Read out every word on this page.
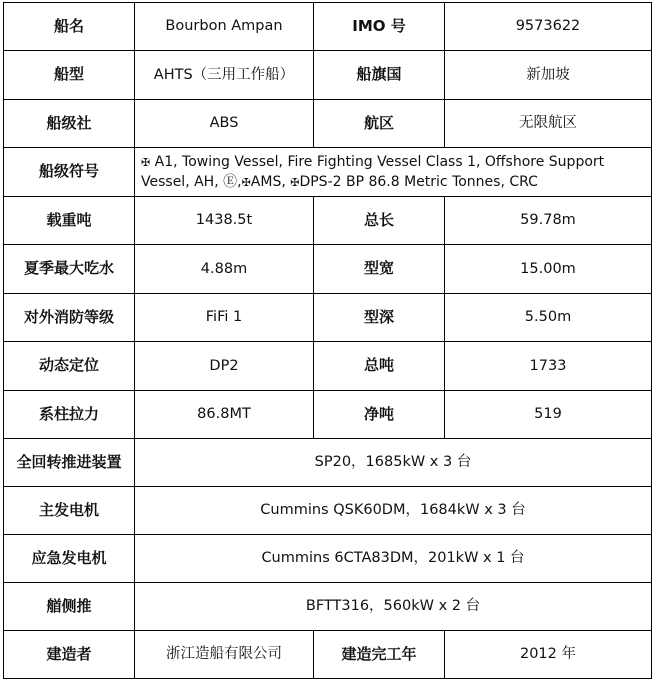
船名	Bourbon Ampan	IMO 号	9573622
船型	AHTS（三用工作船）	船旗国	新加坡
船级社	ABS	航区	无限航区
船级符号	✠ A1, Towing Vessel, Fire Fighting Vessel Class 1, Offshore Support Vessel, AH, Ⓔ,✠AMS, ✠DPS-2 BP 86.8 Metric Tonnes, CRC		
载重吨	1438.5t	总长	59.78m
夏季最大吃水	4.88m	型宽	15.00m
对外消防等级	FiFi 1	型深	5.50m
动态定位	DP2	总吨	1733
系柱拉力	86.8MT	净吨	519
全回转推进装置	SP20，1685kW x 3 台		
主发电机	Cummins QSK60DM，1684kW x 3 台		
应急发电机	Cummins 6CTA83DM，201kW x 1 台		
艏侧推	BFTT316，560kW x 2 台		
建造者	浙江造船有限公司	建造完工年	2012 年
